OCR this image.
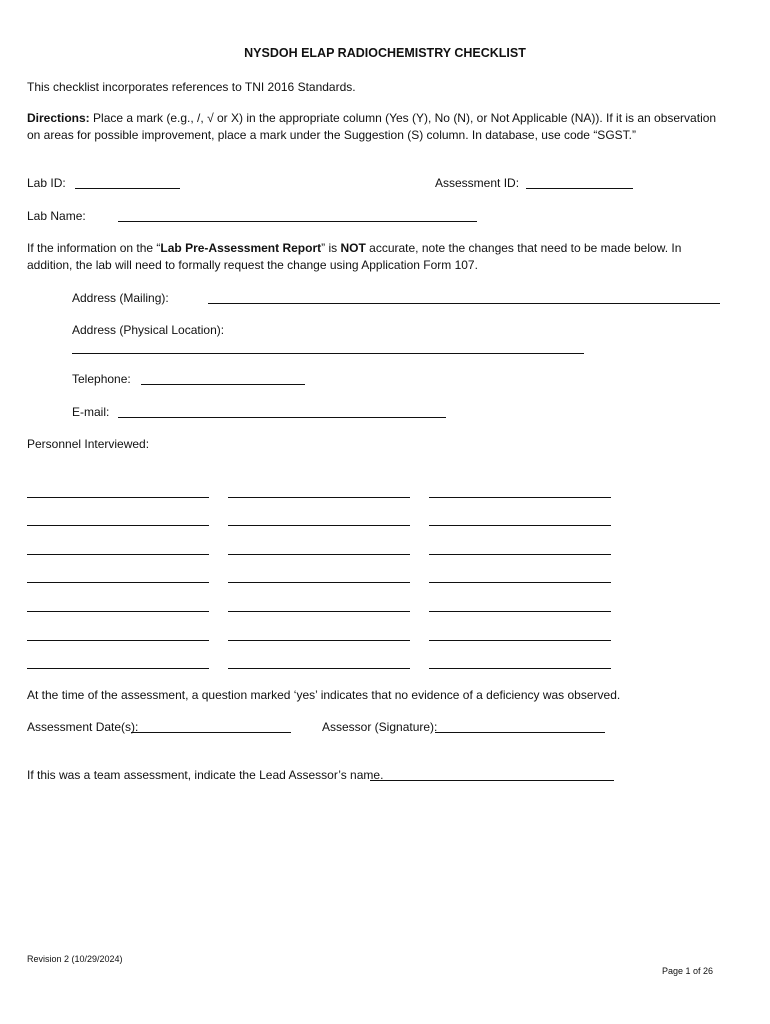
NYSDOH ELAP RADIOCHEMISTRY CHECKLIST
This checklist incorporates references to TNI 2016 Standards.
Directions: Place a mark (e.g., /, √ or X) in the appropriate column (Yes (Y), No (N), or Not Applicable (NA)). If it is an observation on areas for possible improvement, place a mark under the Suggestion (S) column. In database, use code “SGST.”
Lab ID:	Assessment ID:
Lab Name:
If the information on the “Lab Pre-Assessment Report” is NOT accurate, note the changes that need to be made below. In addition, the lab will need to formally request the change using Application Form 107.
Address (Mailing):
Address (Physical Location):
Telephone:
E-mail:
Personnel Interviewed:
At the time of the assessment, a question marked ‘yes’ indicates that no evidence of a deficiency was observed.
Assessment Date(s):	Assessor (Signature):
If this was a team assessment, indicate the Lead Assessor’s name.
Revision 2 (10/29/2024)
Page 1 of 26
